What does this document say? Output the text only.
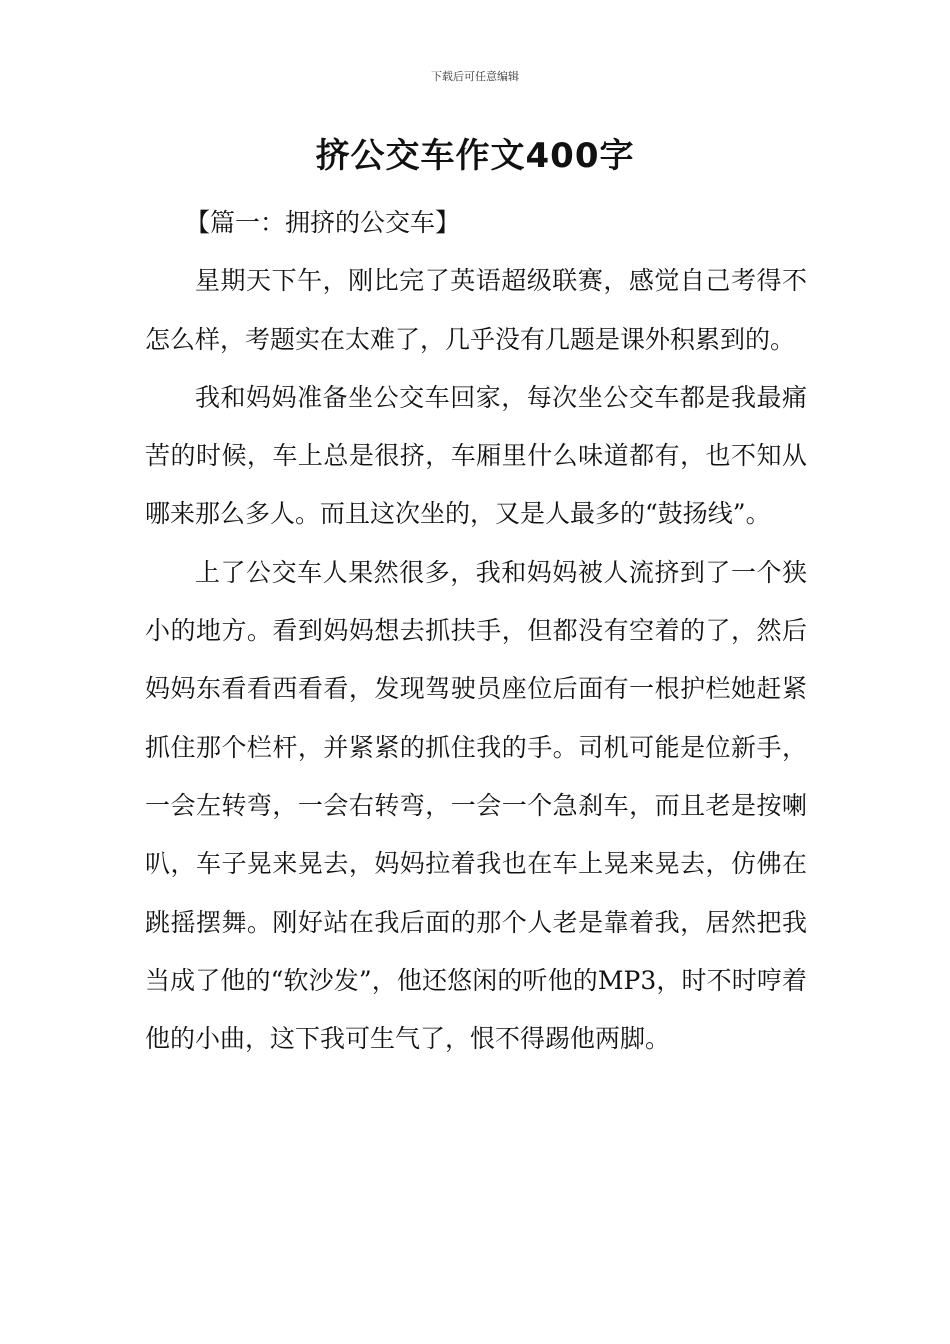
下载后可任意编辑
挤公交车作文400字

【篇一：拥挤的公交车】

星期天下午，刚比完了英语超级联赛，感觉自己考得不怎么样，考题实在太难了，几乎没有几题是课外积累到的。

我和妈妈准备坐公交车回家，每次坐公交车都是我最痛苦的时候，车上总是很挤，车厢里什么味道都有，也不知从哪来那么多人。而且这次坐的，又是人最多的“鼓扬线”。

上了公交车人果然很多，我和妈妈被人流挤到了一个狭小的地方。看到妈妈想去抓扶手，但都没有空着的了，然后妈妈东看看西看看，发现驾驶员座位后面有一根护栏她赶紧抓住那个栏杆，并紧紧的抓住我的手。司机可能是位新手，一会左转弯，一会右转弯，一会一个急刹车，而且老是按喇叭，车子晃来晃去，妈妈拉着我也在车上晃来晃去，仿佛在跳摇摆舞。刚好站在我后面的那个人老是靠着我，居然把我当成了他的“软沙发”，他还悠闲的听他的MP3，时不时哼着他的小曲，这下我可生气了，恨不得踢他两脚。
